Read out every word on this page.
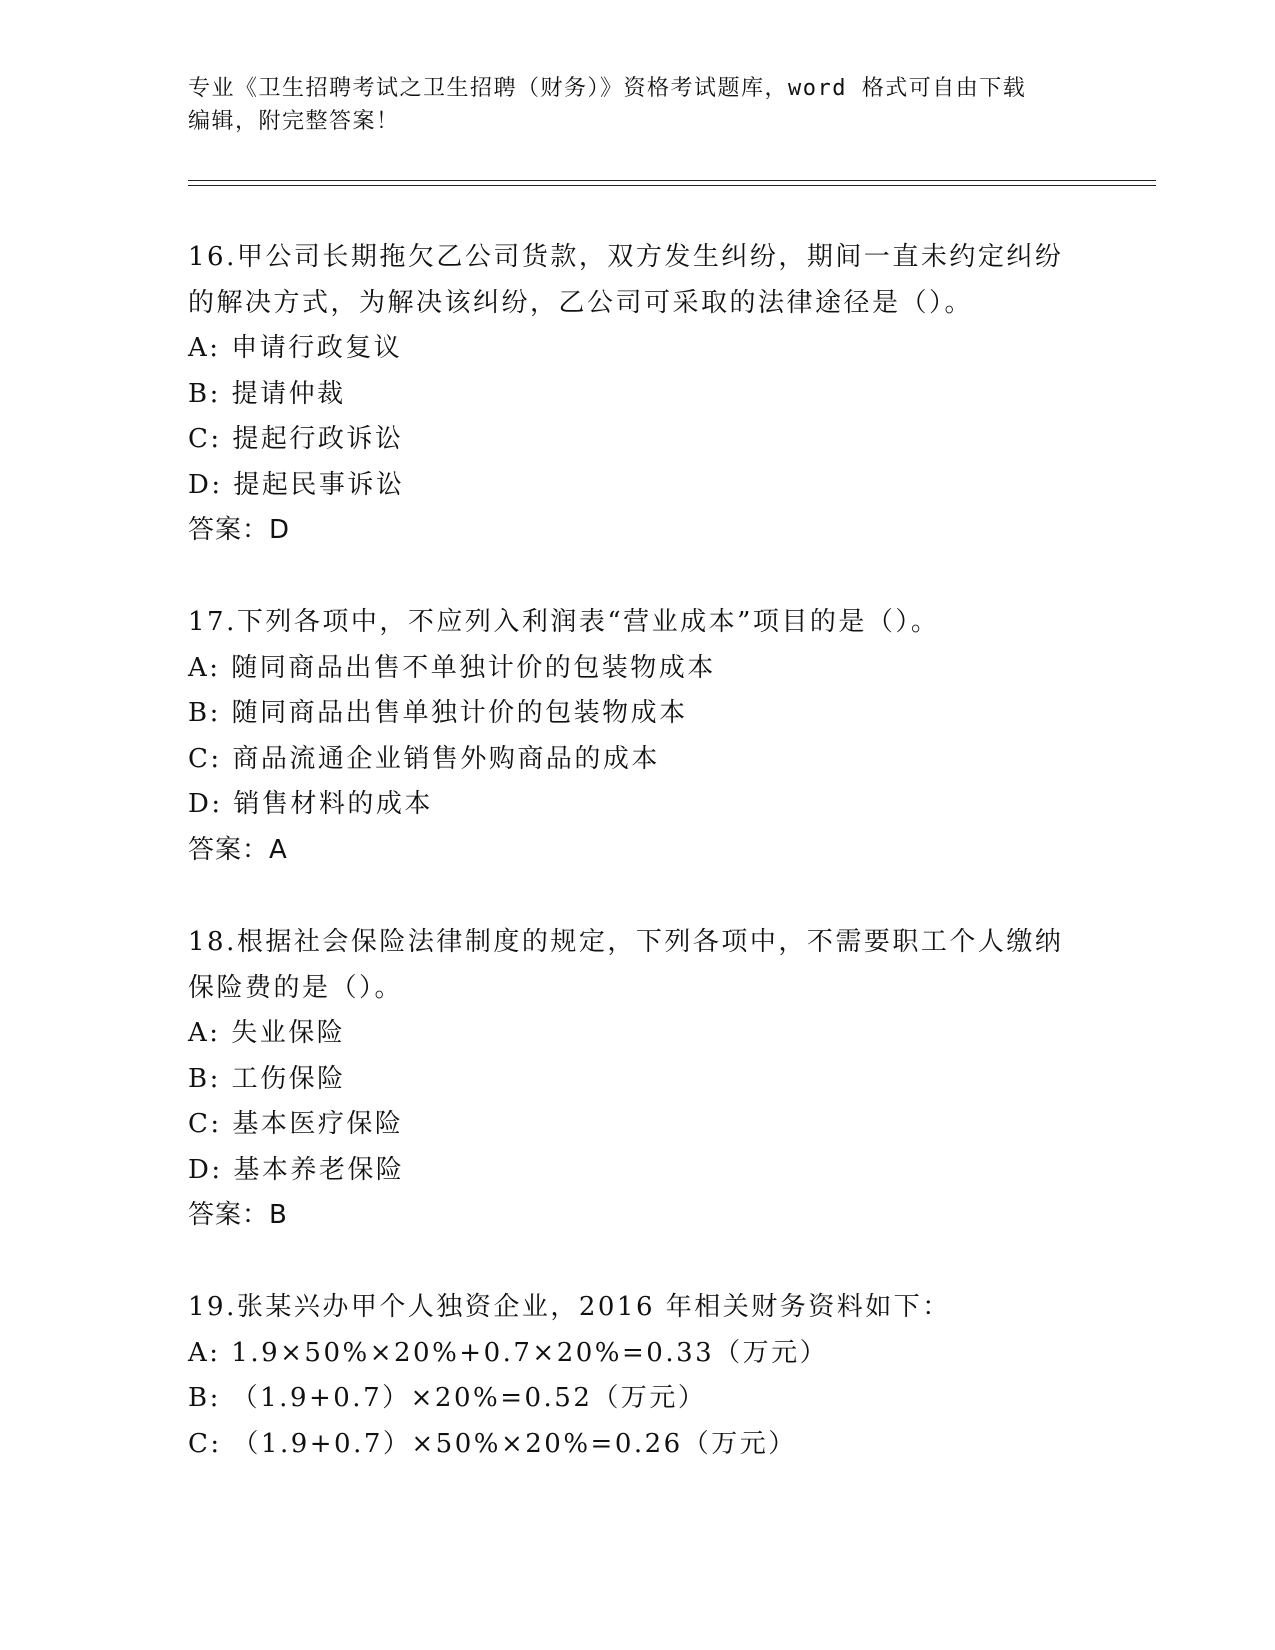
专业《卫生招聘考试之卫生招聘（财务）》资格考试题库，word 格式可自由下载
编辑，附完整答案！
16.甲公司长期拖欠乙公司货款，双方发生纠纷，期间一直未约定纠纷
的解决方式，为解决该纠纷，乙公司可采取的法律途径是（）。
A: 申请行政复议
B: 提请仲裁
C: 提起行政诉讼
D: 提起民事诉讼
答案：D
17.下列各项中，不应列入利润表“营业成本”项目的是（）。
A: 随同商品出售不单独计价的包装物成本
B: 随同商品出售单独计价的包装物成本
C: 商品流通企业销售外购商品的成本
D: 销售材料的成本
答案：A
18.根据社会保险法律制度的规定，下列各项中，不需要职工个人缴纳
保险费的是（）。
A: 失业保险
B: 工伤保险
C: 基本医疗保险
D: 基本养老保险
答案：B
19.张某兴办甲个人独资企业，2016 年相关财务资料如下：
A: 1.9×50%×20%+0.7×20%=0.33（万元）
B: （1.9+0.7）×20%=0.52（万元）
C: （1.9+0.7）×50%×20%=0.26（万元）
